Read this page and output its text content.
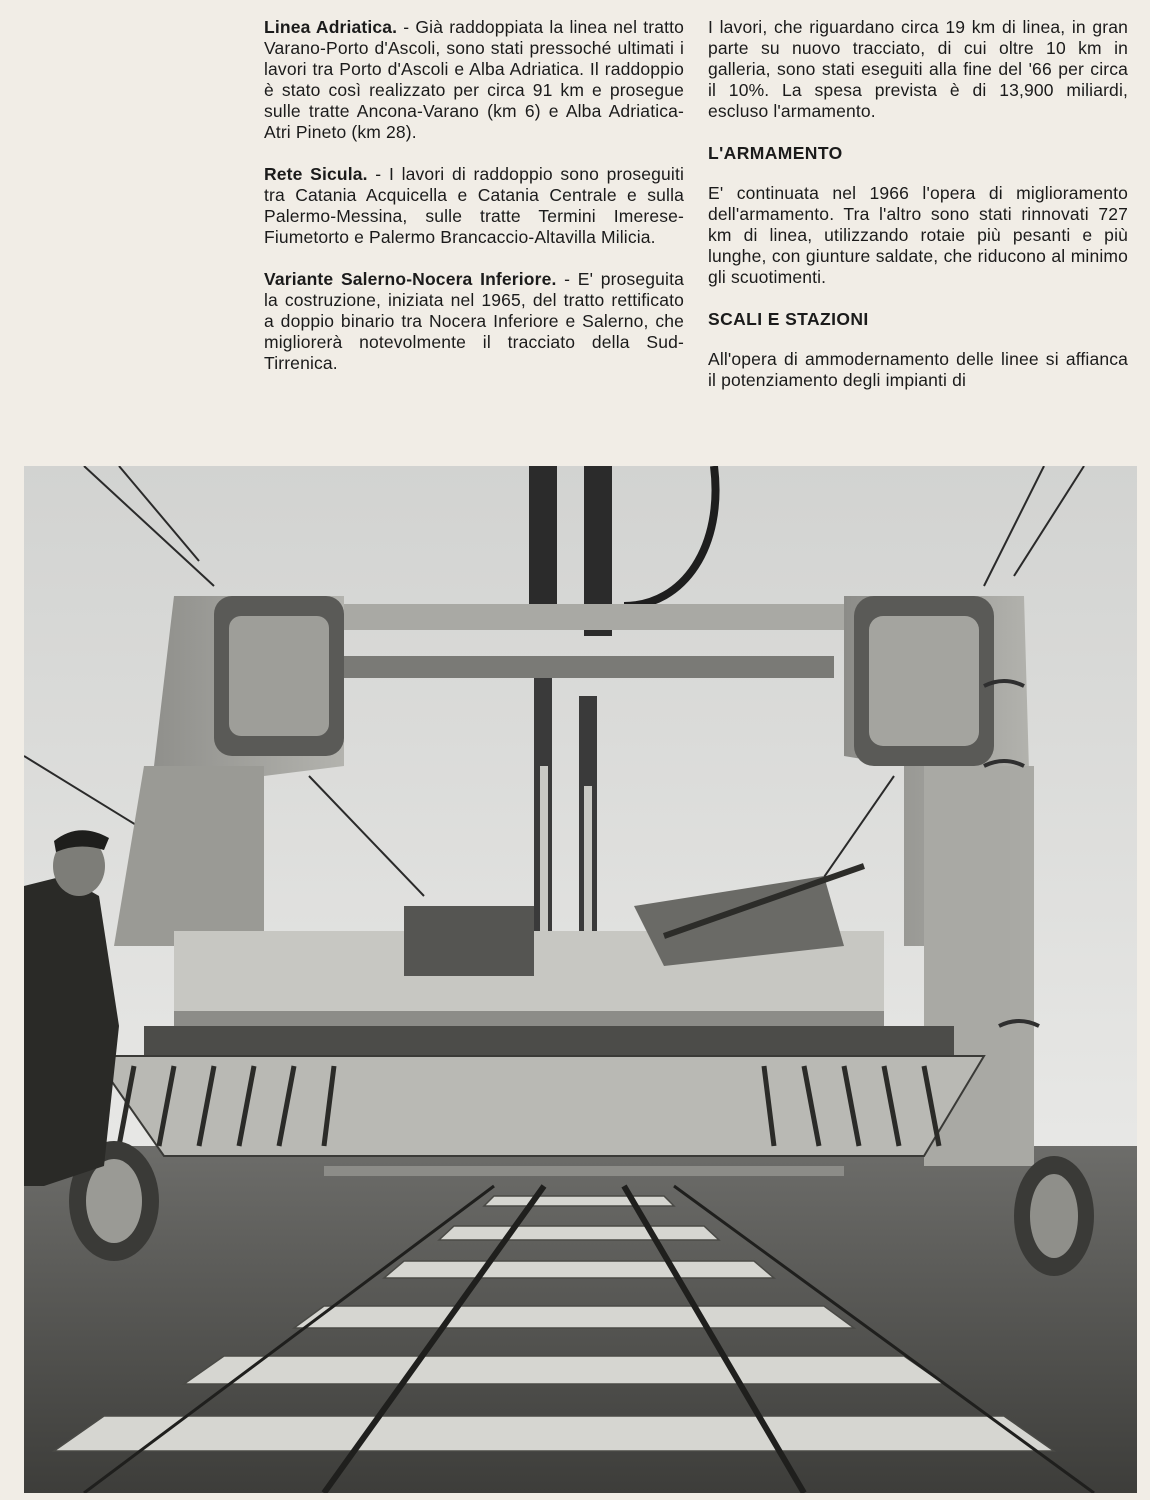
Linea Adriatica. - Già raddoppiata la linea nel tratto Varano-Porto d'Ascoli, sono stati pressoché ultimati i lavori tra Porto d'Ascoli e Alba Adriatica. Il raddoppio è stato così realizzato per circa 91 km e prosegue sulle tratte Ancona-Varano (km 6) e Alba Adriatica-Atri Pineto (km 28).

Rete Sicula. - I lavori di raddoppio sono proseguiti tra Catania Acquicella e Catania Centrale e sulla Palermo-Messina, sulle tratte Termini Imerese-Fiumetorto e Palermo Brancaccio-Altavilla Milicia.

Variante Salerno-Nocera Inferiore. - E' proseguita la costruzione, iniziata nel 1965, del tratto rettificato a doppio binario tra Nocera Inferiore e Salerno, che migliorerà notevolmente il tracciato della Sud-Tirrenica.

I lavori, che riguardano circa 19 km di linea, in gran parte su nuovo tracciato, di cui oltre 10 km in galleria, sono stati eseguiti alla fine del '66 per circa il 10%. La spesa prevista è di 13,900 miliardi, escluso l'armamento.

L'ARMAMENTO

E' continuata nel 1966 l'opera di miglioramento dell'armamento. Tra l'altro sono stati rinnovati 727 km di linea, utilizzando rotaie più pesanti e più lunghe, con giunture saldate, che riducono al minimo gli scuotimenti.

SCALI E STAZIONI

All'opera di ammodernamento delle linee si affianca il potenziamento degli impianti di
